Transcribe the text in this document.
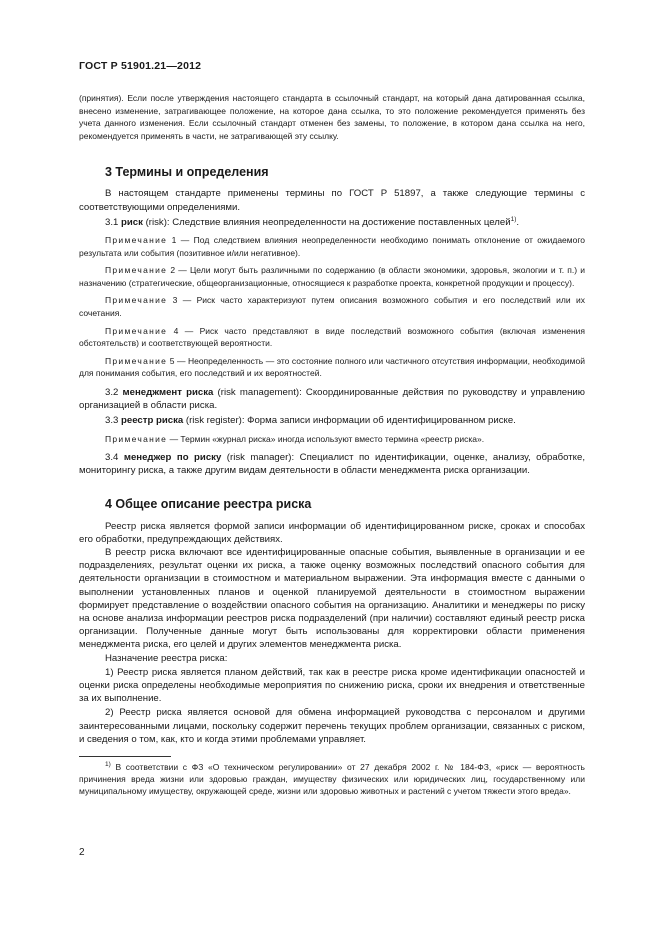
ГОСТ Р 51901.21—2012

(принятия). Если после утверждения настоящего стандарта в ссылочный стандарт, на который дана датированная ссылка, внесено изменение, затрагивающее положение, на которое дана ссылка, то это положение рекомендуется применять без учета данного изменения. Если ссылочный стандарт отменен без замены, то положение, в котором дана ссылка на него, рекомендуется применять в части, не затрагивающей эту ссылку.

3 Термины и определения

В настоящем стандарте применены термины по ГОСТ Р 51897, а также следующие термины с соответствующими определениями.

3.1 риск (risk): Следствие влияния неопределенности на достижение поставленных целей$^{1)}$.

Примечание 1 — Под следствием влияния неопределенности необходимо понимать отклонение от ожидаемого результата или события (позитивное и/или негативное).

Примечание 2 — Цели могут быть различными по содержанию (в области экономики, здоровья, экологии и т. п.) и назначению (стратегические, общеорганизационные, относящиеся к разработке проекта, конкретной продукции и процессу).

Примечание 3 — Риск часто характеризуют путем описания возможного события и его последствий или их сочетания.

Примечание 4 — Риск часто представляют в виде последствий возможного события (включая изменения обстоятельств) и соответствующей вероятности.

Примечание 5 — Неопределенность — это состояние полного или частичного отсутствия информации, необходимой для понимания события, его последствий и их вероятностей.

3.2 менеджмент риска (risk management): Скоординированные действия по руководству и управлению организацией в области риска.

3.3 реестр риска (risk register): Форма записи информации об идентифицированном риске.

Примечание — Термин «журнал риска» иногда используют вместо термина «реестр риска».

3.4 менеджер по риску (risk manager): Специалист по идентификации, оценке, анализу, обработке, мониторингу риска, а также другим видам деятельности в области менеджмента риска организации.

4 Общее описание реестра риска

Реестр риска является формой записи информации об идентифицированном риске, сроках и способах его обработки, предупреждающих действиях.

В реестр риска включают все идентифицированные опасные события, выявленные в организации и ее подразделениях, результат оценки их риска, а также оценку возможных последствий опасного события для деятельности организации в стоимостном и материальном выражении. Эта информация вместе с данными о выполнении установленных планов и оценкой планируемой деятельности в стоимостном выражении формирует представление о воздействии опасного события на организацию. Аналитики и менеджеры по риску на основе анализа информации реестров риска подразделений (при наличии) составляют единый реестр риска организации. Полученные данные могут быть использованы для корректировки области применения менеджмента риска, его целей и других элементов менеджмента риска.

Назначение реестра риска:

1) Реестр риска является планом действий, так как в реестре риска кроме идентификации опасностей и оценки риска определены необходимые мероприятия по снижению риска, сроки их внедрения и ответственные за их выполнение.

2) Реестр риска является основой для обмена информацией руководства с персоналом и другими заинтересованными лицами, поскольку содержит перечень текущих проблем организации, связанных с риском, и сведения о том, как, кто и когда этими проблемами управляет.

$^{1)}$ В соответствии с ФЗ «О техническом регулировании» от 27 декабря 2002 г. № 184-ФЗ, «риск — вероятность причинения вреда жизни или здоровью граждан, имуществу физических или юридических лиц, государственному или муниципальному имуществу, окружающей среде, жизни или здоровью животных и растений с учетом тяжести этого вреда».

2
